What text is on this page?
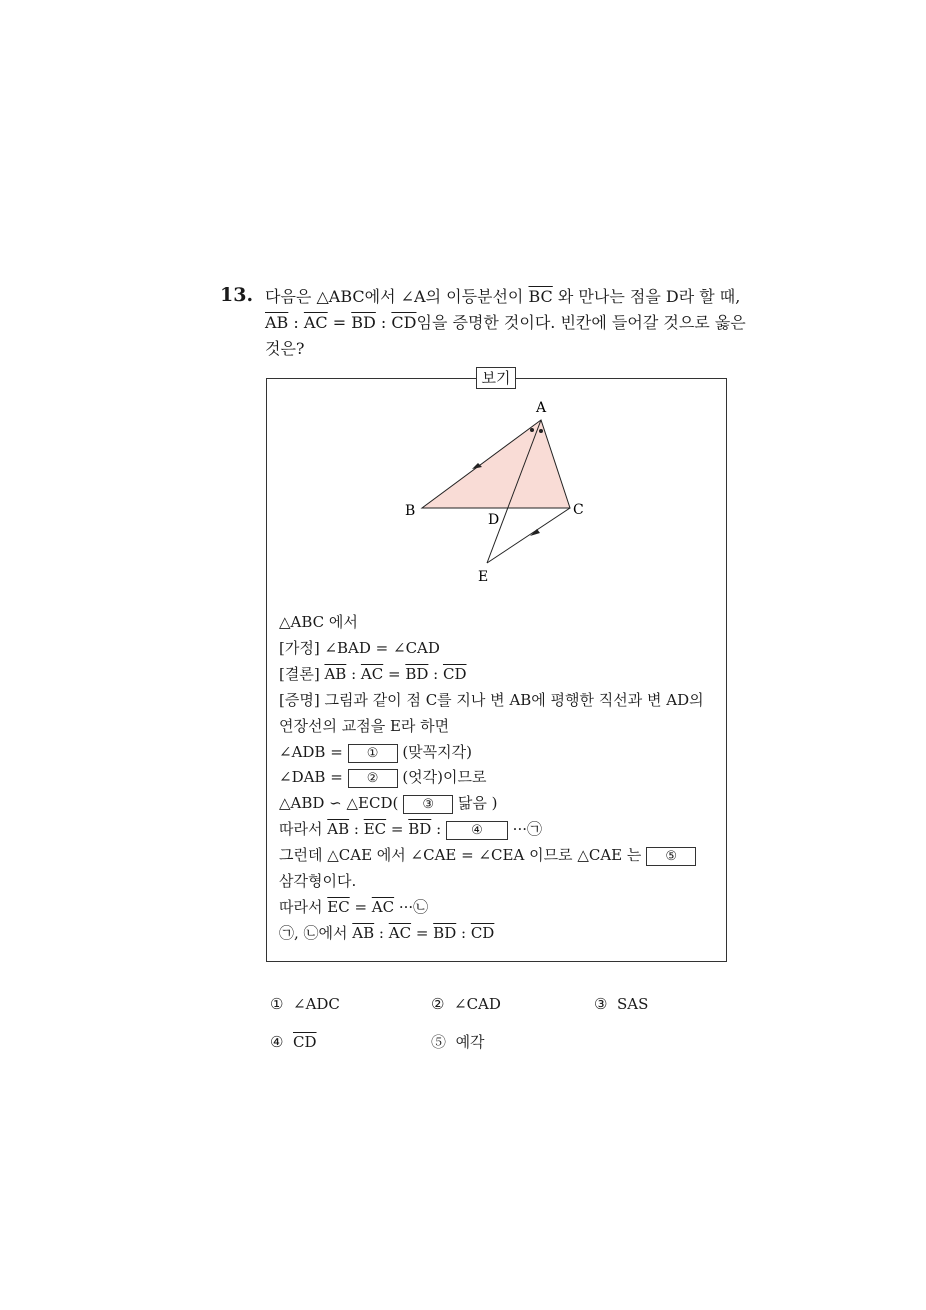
13. 다음은 △ABC에서 ∠A의 이등분선이 $\overline{BC}$ 와 만나는 점을 D라 할 때,
$\overline{AB}$ : $\overline{AC} = \overline{BD}$ : $\overline{CD}$임을 증명한 것이다. 빈칸에 들어갈 것으로 옳은
것은?
보기
A
B	C
D
E
△ABC 에서
[가정] ∠BAD = ∠CAD
[결론] $\overline{AB}$ : $\overline{AC} = \overline{BD}$ : $\overline{CD}$
[증명] 그림과 같이 점 C를 지나 변 AB에 평행한 직선과 변 AD의
연장선의 교점을 E라 하면
∠ADB = ① (맞꼭지각)
∠DAB = ② (엇각)이므로
△ABD ∽ △ECD( ③ 닮음 )
따라서 $\overline{AB}$ : $\overline{EC} = \overline{BD}$ : ④ ···㉠
그런데 △CAE 에서 ∠CAE = ∠CEA 이므로 △CAE 는 ⑤
삼각형이다.
따라서 $\overline{EC} = \overline{AC}$ ···㉡
㉠, ㉡에서 $\overline{AB}$ : $\overline{AC} = \overline{BD}$ : $\overline{CD}$
① ∠ADC	② ∠CAD	③ SAS
④ $\overline{CD}$	⑤ 예각
